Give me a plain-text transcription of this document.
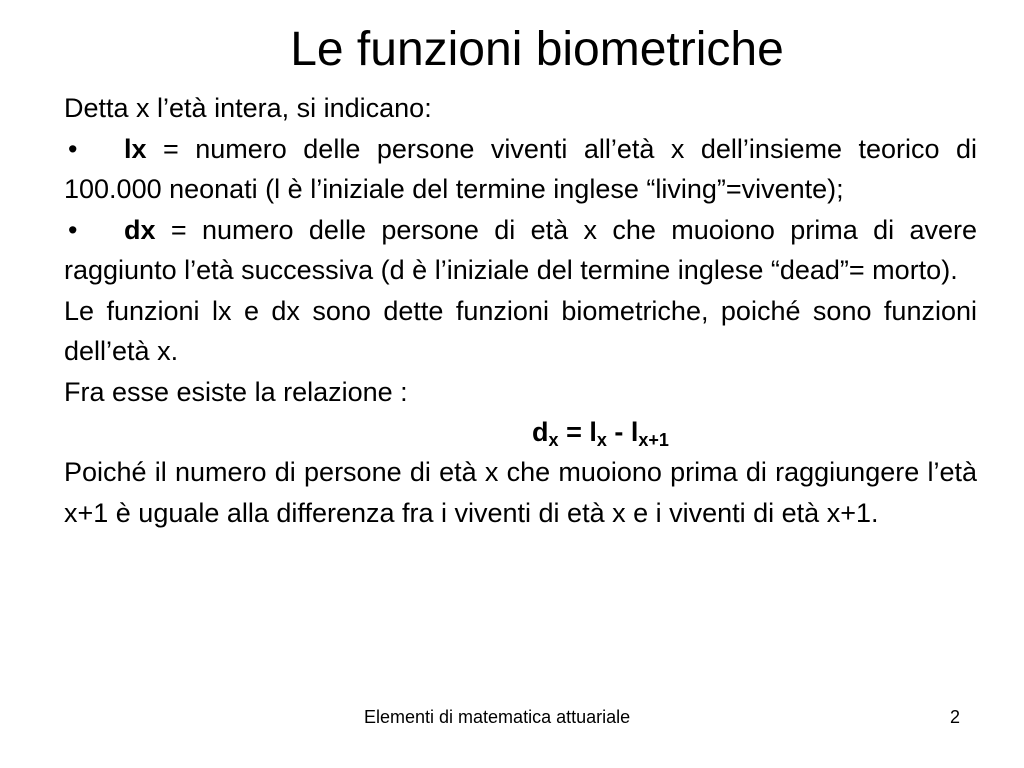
Le funzioni biometriche

Detta x l’età intera, si indicano:

• lx = numero delle persone viventi all’età x dell’insieme teorico di 100.000 neonati (l è l’iniziale del termine inglese “living”=vivente);

• dx = numero delle persone di età x che muoiono prima di avere raggiunto l’età successiva (d è l’iniziale del termine inglese “dead”= morto).

Le funzioni lx e dx sono dette funzioni biometriche, poiché sono funzioni dell’età x.

Fra esse esiste la relazione :

$d_x = l_x - l_{x+1}$

Poiché il numero di persone di età x che muoiono prima di raggiungere l’età x+1 è uguale alla differenza fra i viventi di età x e i viventi di età x+1.

Elementi di matematica attuariale	2
